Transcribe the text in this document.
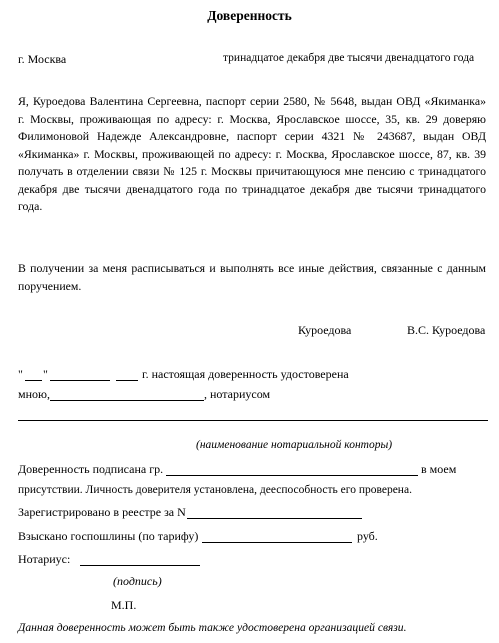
Доверенность
г. Москва	тринадцатое декабря две тысячи двенадцатого года
Я, Куроедова Валентина Сергеевна, паспорт серии 2580, № 5648, выдан ОВД «Якиманка»
г. Москвы, проживающая по адресу: г. Москва, Ярославское шоссе, 35, кв. 29 доверяю
Филимоновой Надежде Александровне, паспорт серии 4321 № 243687, выдан ОВД
«Якиманка» г. Москвы, проживающей по адресу: г. Москва, Ярославское шоссе, 87, кв. 39
получать в отделении связи № 125 г. Москвы причитающуюся мне пенсию с тринадцатого
декабря две тысячи двенадцатого года по тринадцатое декабря две тысячи тринадцатого
года.
В получении за меня расписываться и выполнять все иные действия, связанные с данным
поручением.
Куроедова	В.С. Куроедова
" "	г. настоящая доверенность удостоверена
мною,	, нотариусом
(наименование нотариальной конторы)
Доверенность подписана гр.	в моем
присутствии. Личность доверителя установлена, дееспособность его проверена.
Зарегистрировано в реестре за N
Взыскано госпошлины (по тарифу)	руб.
Нотариус:
(подпись)
М.П.
Данная доверенность может быть также удостоверена организацией связи.
